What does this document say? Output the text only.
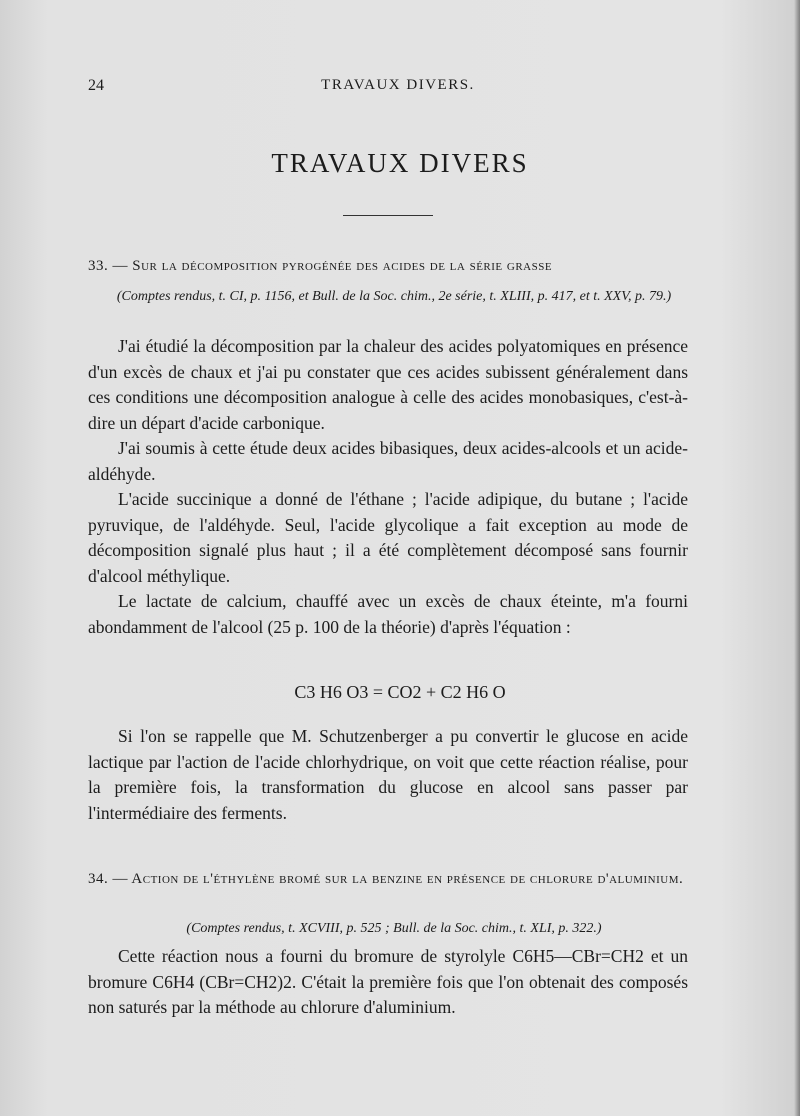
24	TRAVAUX DIVERS.
TRAVAUX DIVERS
33. — Sur la décomposition pyrogénée des acides de la série grasse
(Comptes rendus, t. CI, p. 1156, et Bull. de la Soc. chim., 2e série, t. XLIII, p. 417, et t. XXV, p. 79.)

J'ai étudié la décomposition par la chaleur des acides polyatomiques en présence d'un excès de chaux et j'ai pu constater que ces acides subissent généralement dans ces conditions une décomposition analogue à celle des acides monobasiques, c'est-à-dire un départ d'acide carbonique.

J'ai soumis à cette étude deux acides bibasiques, deux acides-alcools et un acide-aldéhyde.

L'acide succinique a donné de l'éthane ; l'acide adipique, du butane ; l'acide pyruvique, de l'aldéhyde. Seul, l'acide glycolique a fait exception au mode de décomposition signalé plus haut ; il a été complètement décomposé sans fournir d'alcool méthylique.

Le lactate de calcium, chauffé avec un excès de chaux éteinte, m'a fourni abondamment de l'alcool (25 p. 100 de la théorie) d'après l'équation :

C3 H6 O3 = CO2 + C2 H6 O

Si l'on se rappelle que M. Schutzenberger a pu convertir le glucose en acide lactique par l'action de l'acide chlorhydrique, on voit que cette réaction réalise, pour la première fois, la transformation du glucose en alcool sans passer par l'intermédiaire des ferments.

34. — Action de l'éthylène bromé sur la benzine en présence de chlorure d'aluminium.
(Comptes rendus, t. XCVIII, p. 525 ; Bull. de la Soc. chim., t. XLI, p. 322.)

Cette réaction nous a fourni du bromure de styrolyle C6H5—CBr=CH2 et un bromure C6H4 (CBr=CH2)2. C'était la première fois que l'on obtenait des composés non saturés par la méthode au chlorure d'aluminium.
